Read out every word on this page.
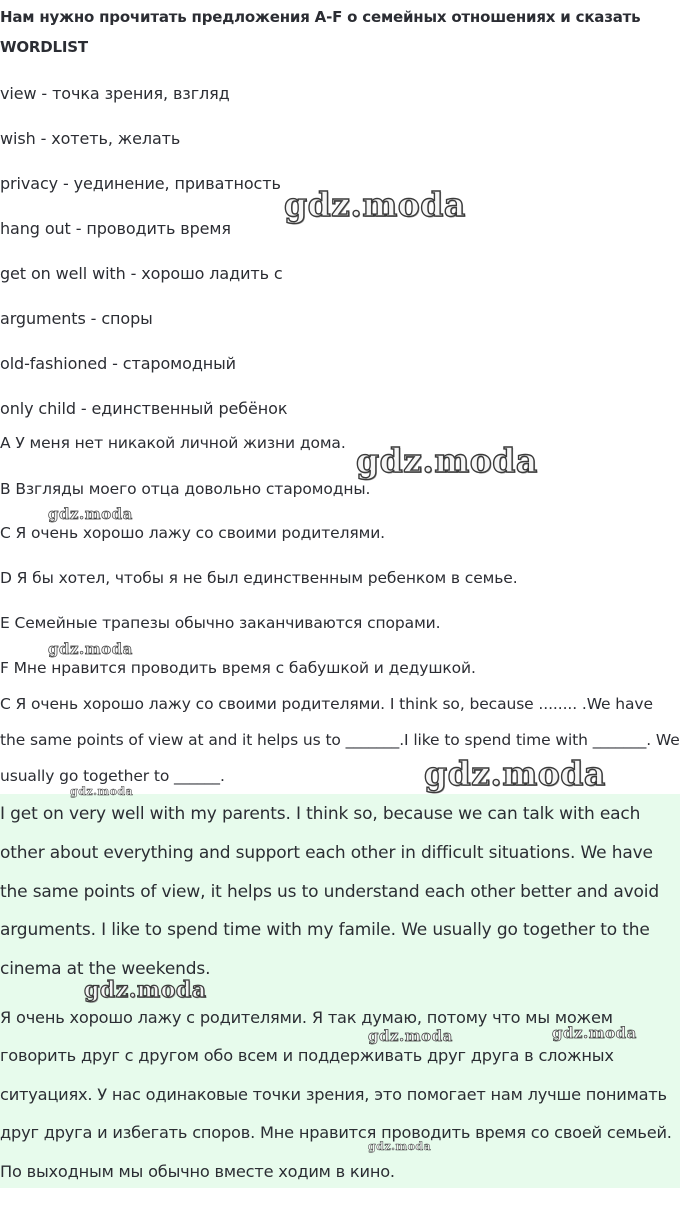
Нам нужно прочитать предложения A-F о семейных отношениях и сказать
WORDLIST
view - точка зрения, взгляд
wish - хотеть, желать
privacy - уединение, приватность
hang out - проводить время
get on well with - хорошо ладить с
arguments - споры
old-fashioned - старомодный
only child - единственный ребёнок
A У меня нет никакой личной жизни дома.
B Взгляды моего отца довольно старомодны.
C Я очень хорошо лажу со своими родителями.
D Я бы хотел, чтобы я не был единственным ребенком в семье.
E Семейные трапезы обычно заканчиваются спорами.
F Мне нравится проводить время с бабушкой и дедушкой.
C Я очень хорошо лажу со своими родителями. I think so, because ........ .We have the same points of view at and it helps us to _______.I like to spend time with _______. We usually go together to ______.
I get on very well with my parents. I think so, because we can talk with each other about everything and support each other in difficult situations. We have the same points of view, it helps us to understand each other better and avoid arguments. I like to spend time with my famile. We usually go together to the cinema at the weekends.
Я очень хорошо лажу с родителями. Я так думаю, потому что мы можем говорить друг с другом обо всем и поддерживать друг друга в сложных ситуациях. У нас одинаковые точки зрения, это помогает нам лучше понимать друг друга и избегать споров. Мне нравится проводить время со своей семьей. По выходным мы обычно вместе ходим в кино.
gdz.moda
gdz.moda
gdz.moda
gdz.moda
gdz.moda
gdz.moda
gdz.moda
gdz.moda	gdz.moda
gdz.moda
